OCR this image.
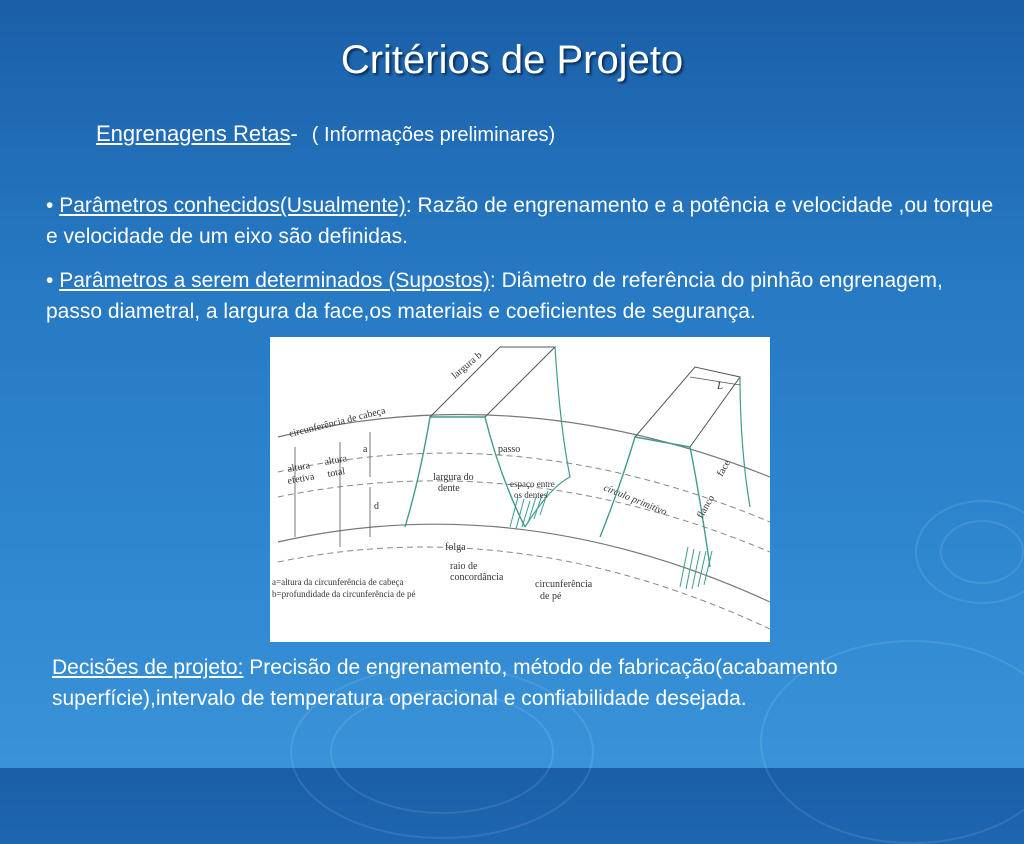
Critérios de Projeto
Engrenagens Retas- ( Informações preliminares)
• Parâmetros conhecidos(Usualmente): Razão de engrenamento e a potência e velocidade ,ou torque e velocidade de um eixo são definidas.
• Parâmetros a serem determinados (Supostos): Diâmetro de referência do pinhão engrenagem, passo diametral, a largura da face,os materiais e coeficientes de segurança.
largura b
L
circunferência de cabeça
passo
altura
efetiva
altura
total
a
d
largura do
dente	espaço entre
os dentes	círculo primitivo
face
flanco
folga
raio de
concordância
circunferência
de pé
a=altura da circunferência de cabeça
b=profundidade da circunferência de pé
Decisões de projeto: Precisão de engrenamento, método de fabricação(acabamento superfície),intervalo de temperatura operacional e confiabilidade desejada.
